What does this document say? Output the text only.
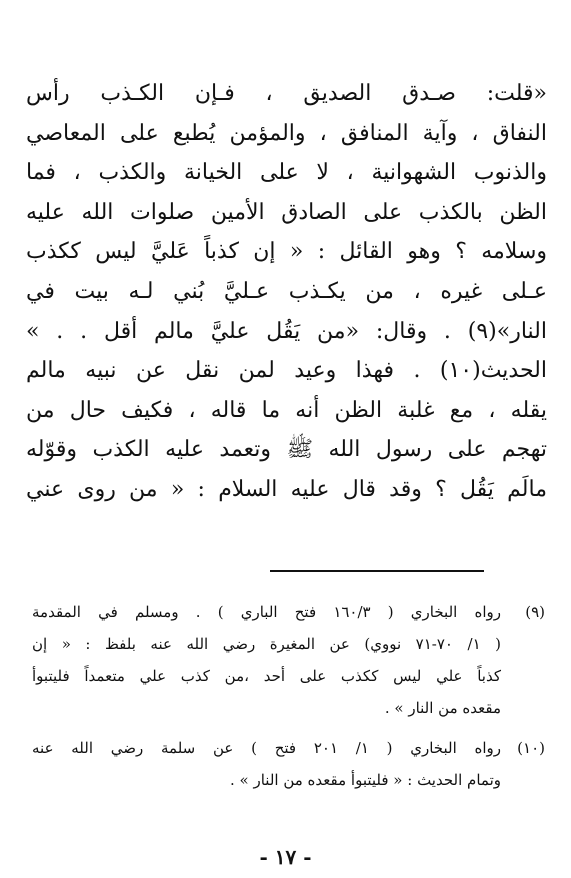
«قلت: صـدق الصديق ، فـإن الكـذب رأس
النفاق ، وآية المنافق ، والمؤمن يُطبع على المعاصي
والذنوب الشهوانية ، لا على الخيانة والكذب ، فما
الظن بالكذب على الصادق الأمين صلوات الله عليه
وسلامه ؟ وهو القائل : « إن كذباً عَليَّ ليس ككذب
عـلى غيره ، من يكـذب عـليَّ بُني لـه بيت في
النار»(٩) . وقال: «من يَقُل عليَّ مالم أقل . . »
الحديث(١٠) . فهذا وعيد لمن نقل عن نبيه مالم
يقله ، مع غلبة الظن أنه ما قاله ، فكيف حال من
تهجم على رسول الله ﷺ وتعمد عليه الكذب وقوّله
مالَم يَقُل ؟ وقد قال عليه السلام : « من روى عني
(٩)
رواه البخاري ( ١٦٠/٣ فتح الباري ) . ومسلم في المقدمة
( ١/ ٧٠-٧١ نووي) عن المغيرة رضي الله عنه بلفظ : « إن
كذباً علي ليس ككذب على أحد ،من كذب علي متعمداً فليتبوأ
مقعده من النار » .
(١٠)
رواه البخاري ( ١/ ٢٠١ فتح ) عن سلمة رضي الله عنه
وتمام الحديث : « فليتبوأ مقعده من النار » .
- ١٧ -
